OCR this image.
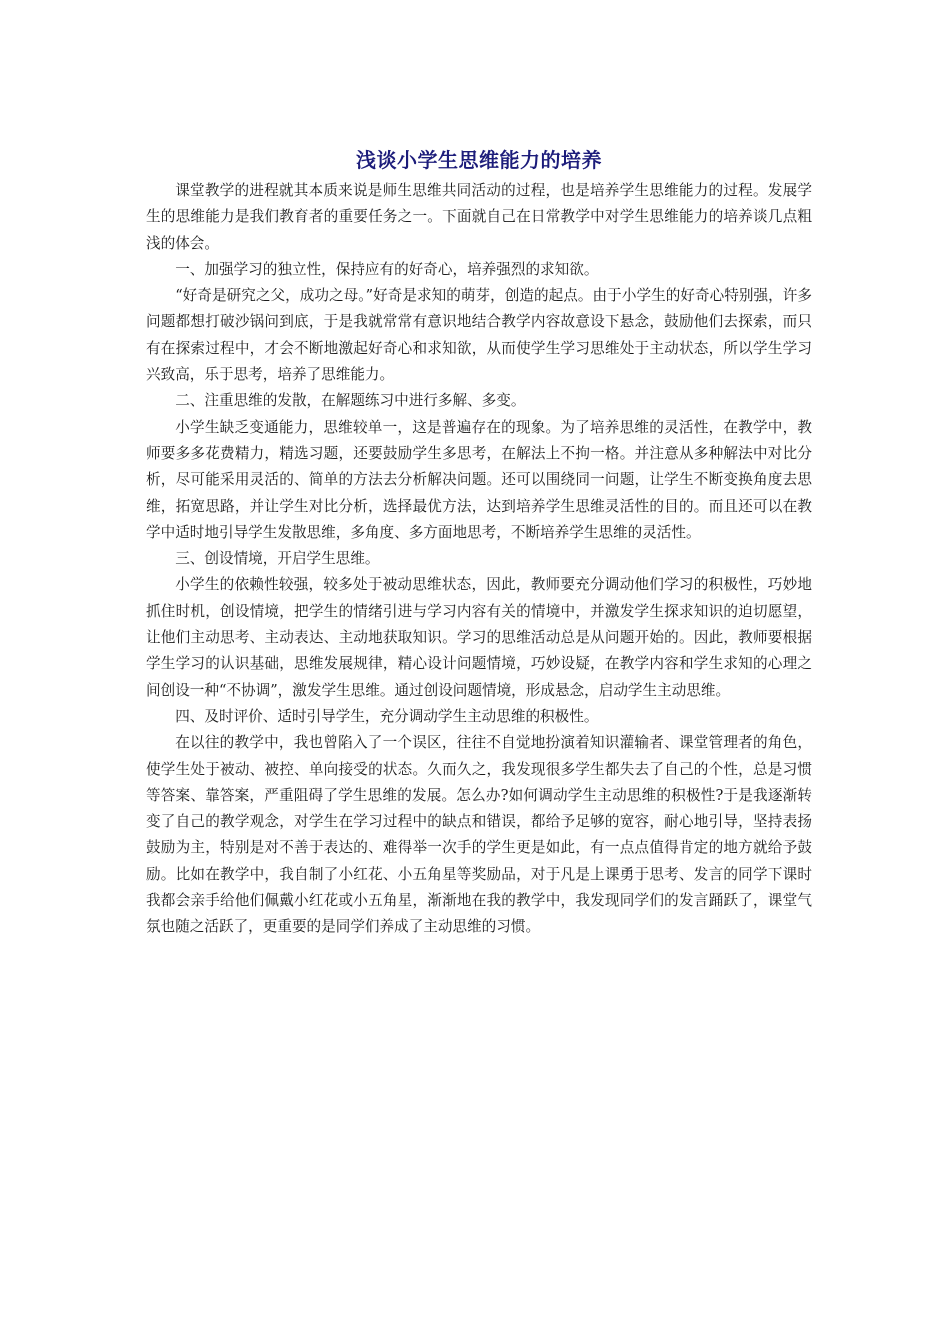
浅谈小学生思维能力的培养

课堂教学的进程就其本质来说是师生思维共同活动的过程，也是培养学生思维能力的过程。发展学生的思维能力是我们教育者的重要任务之一。下面就自己在日常教学中对学生思维能力的培养谈几点粗浅的体会。

一、加强学习的独立性，保持应有的好奇心，培养强烈的求知欲。

“好奇是研究之父，成功之母。”好奇是求知的萌芽，创造的起点。由于小学生的好奇心特别强，许多问题都想打破沙锅问到底，于是我就常常有意识地结合教学内容故意设下悬念，鼓励他们去探索，而只有在探索过程中，才会不断地激起好奇心和求知欲，从而使学生学习思维处于主动状态，所以学生学习兴致高，乐于思考，培养了思维能力。

二、注重思维的发散，在解题练习中进行多解、多变。

小学生缺乏变通能力，思维较单一，这是普遍存在的现象。为了培养思维的灵活性，在教学中，教师要多多花费精力，精选习题，还要鼓励学生多思考，在解法上不拘一格。并注意从多种解法中对比分析，尽可能采用灵活的、简单的方法去分析解决问题。还可以围绕同一问题，让学生不断变换角度去思维，拓宽思路，并让学生对比分析，选择最优方法，达到培养学生思维灵活性的目的。而且还可以在教学中适时地引导学生发散思维，多角度、多方面地思考，不断培养学生思维的灵活性。

三、创设情境，开启学生思维。

小学生的依赖性较强，较多处于被动思维状态，因此，教师要充分调动他们学习的积极性，巧妙地抓住时机，创设情境，把学生的情绪引进与学习内容有关的情境中，并激发学生探求知识的迫切愿望，让他们主动思考、主动表达、主动地获取知识。学习的思维活动总是从问题开始的。因此，教师要根据学生学习的认识基础，思维发展规律，精心设计问题情境，巧妙设疑，在教学内容和学生求知的心理之间创设一种“不协调”，激发学生思维。通过创设问题情境，形成悬念，启动学生主动思维。

四、及时评价、适时引导学生，充分调动学生主动思维的积极性。

在以往的教学中，我也曾陷入了一个误区，往往不自觉地扮演着知识灌输者、课堂管理者的角色，使学生处于被动、被控、单向接受的状态。久而久之，我发现很多学生都失去了自己的个性，总是习惯等答案、靠答案，严重阻碍了学生思维的发展。怎么办?如何调动学生主动思维的积极性?于是我逐渐转变了自己的教学观念，对学生在学习过程中的缺点和错误，都给予足够的宽容，耐心地引导，坚持表扬鼓励为主，特别是对不善于表达的、难得举一次手的学生更是如此，有一点点值得肯定的地方就给予鼓励。比如在教学中，我自制了小红花、小五角星等奖励品，对于凡是上课勇于思考、发言的同学下课时我都会亲手给他们佩戴小红花或小五角星，渐渐地在我的教学中，我发现同学们的发言踊跃了，课堂气氛也随之活跃了，更重要的是同学们养成了主动思维的习惯。
